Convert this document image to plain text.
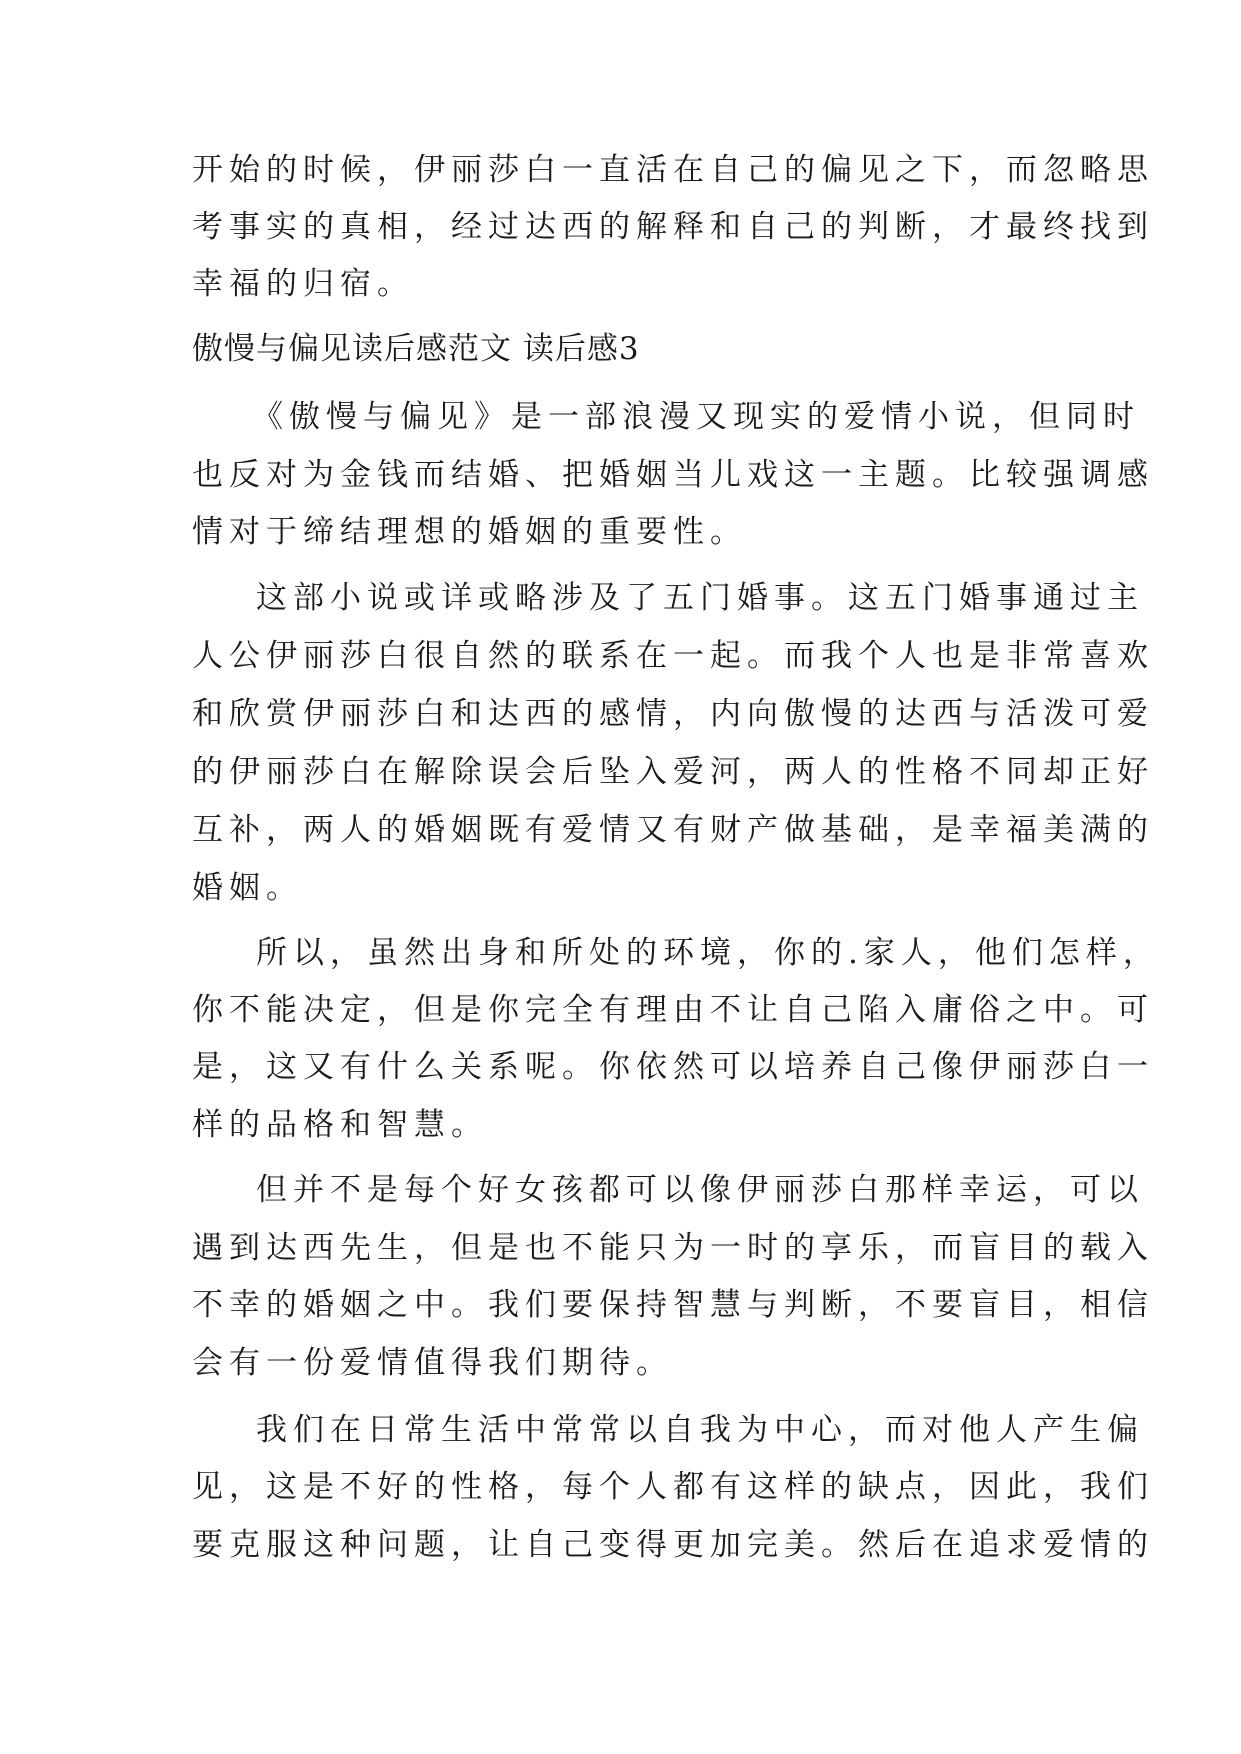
开始的时候，伊丽莎白一直活在自己的偏见之下，而忽略思
考事实的真相，经过达西的解释和自己的判断，才最终找到
幸福的归宿。
傲慢与偏见读后感范文 读后感3
《傲慢与偏见》是一部浪漫又现实的爱情小说，但同时
也反对为金钱而结婚、把婚姻当儿戏这一主题。比较强调感
情对于缔结理想的婚姻的重要性。
这部小说或详或略涉及了五门婚事。这五门婚事通过主
人公伊丽莎白很自然的联系在一起。而我个人也是非常喜欢
和欣赏伊丽莎白和达西的感情，内向傲慢的达西与活泼可爱
的伊丽莎白在解除误会后坠入爱河，两人的性格不同却正好
互补，两人的婚姻既有爱情又有财产做基础，是幸福美满的
婚姻。
所以，虽然出身和所处的环境，你的.家人，他们怎样，
你不能决定，但是你完全有理由不让自己陷入庸俗之中。可
是，这又有什么关系呢。你依然可以培养自己像伊丽莎白一
样的品格和智慧。
但并不是每个好女孩都可以像伊丽莎白那样幸运，可以
遇到达西先生，但是也不能只为一时的享乐，而盲目的载入
不幸的婚姻之中。我们要保持智慧与判断，不要盲目，相信
会有一份爱情值得我们期待。
我们在日常生活中常常以自我为中心，而对他人产生偏
见，这是不好的性格，每个人都有这样的缺点，因此，我们
要克服这种问题，让自己变得更加完美。然后在追求爱情的
